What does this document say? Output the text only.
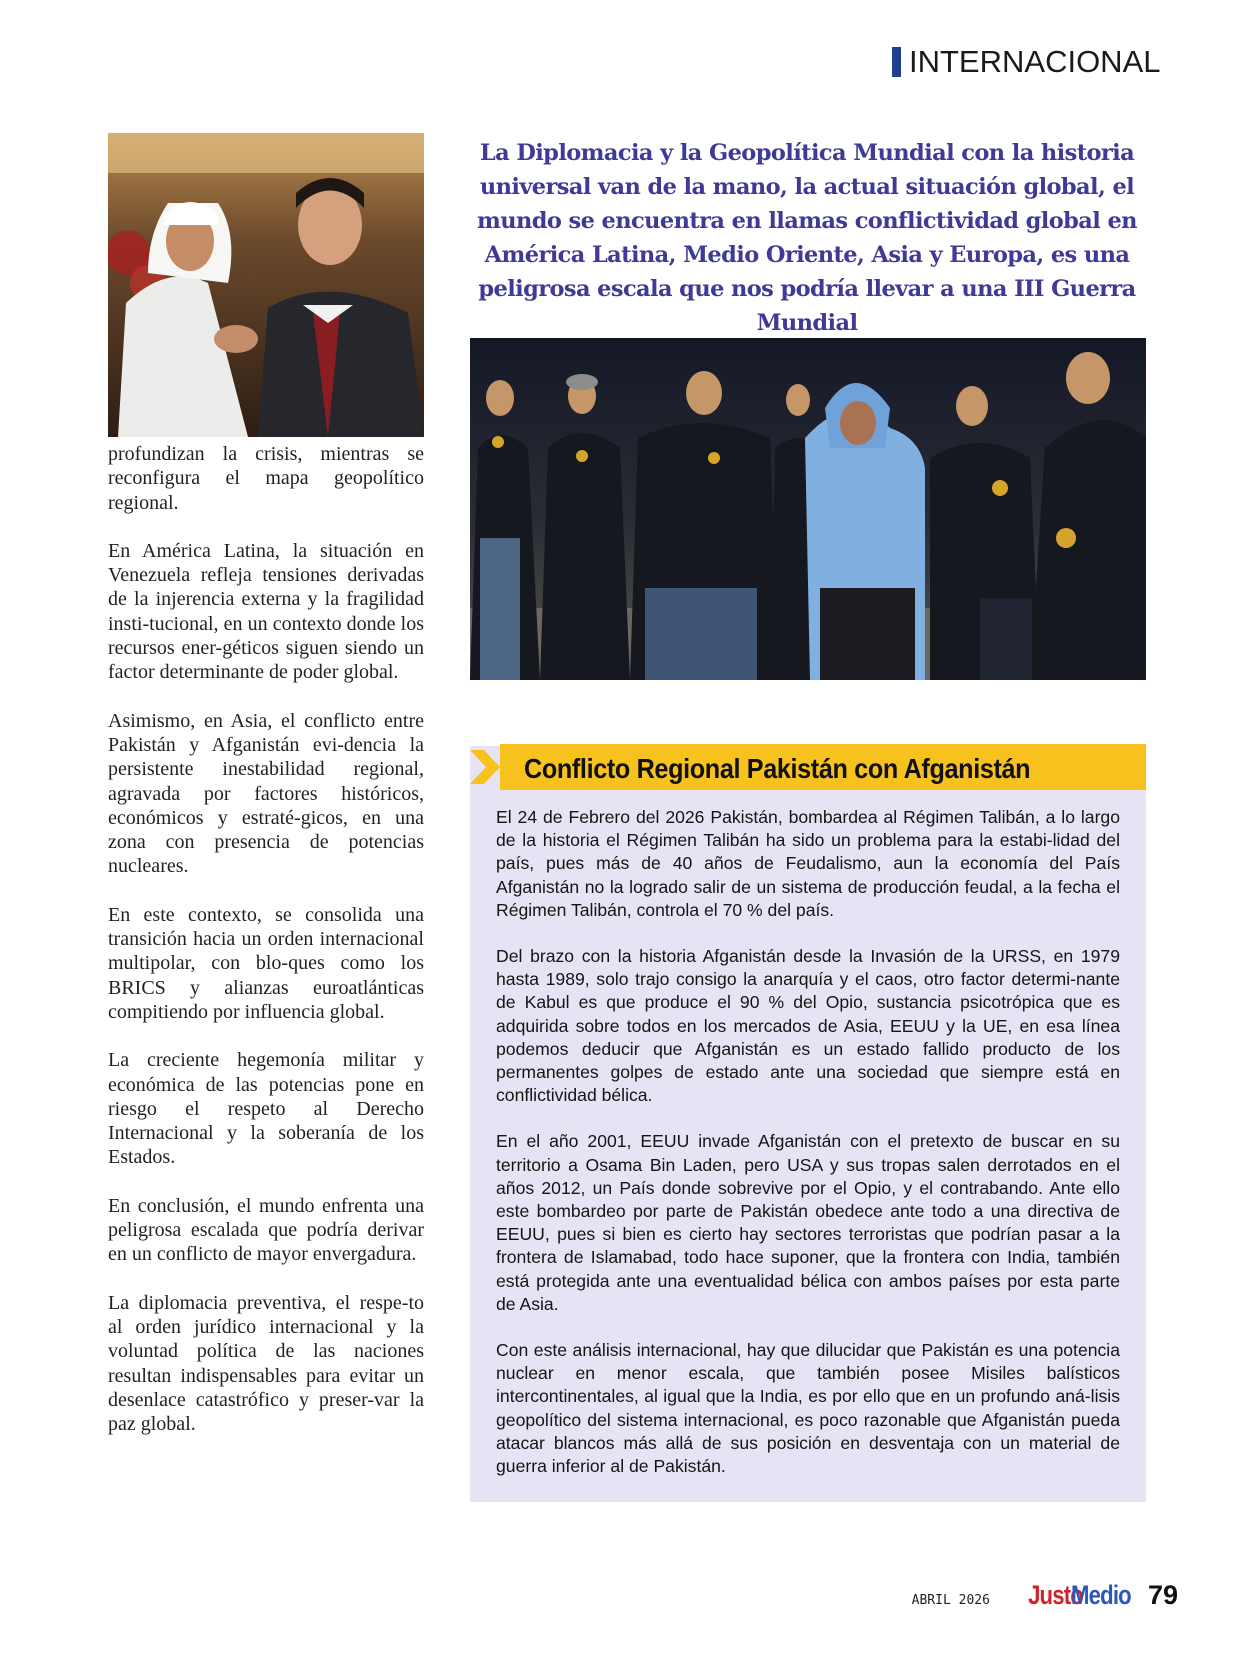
INTERNACIONAL
La Diplomacia y la Geopolítica Mundial con la historia universal van de la mano, la actual situación global, el mundo se encuentra en llamas conflictividad global en América Latina, Medio Oriente, Asia y Europa, es una peligrosa escala que nos podría llevar a una III Guerra Mundial

profundizan la crisis, mientras se reconfigura el mapa geopolítico regional.

En América Latina, la situación en Venezuela refleja tensiones derivadas de la injerencia externa y la fragilidad insti-tucional, en un contexto donde los recursos ener-géticos siguen siendo un factor determinante de poder global.

Asimismo, en Asia, el conflicto entre Pakistán y Afganistán evi-dencia la persistente inestabilidad regional, agravada por factores históricos, económicos y estraté-gicos, en una zona con presencia de potencias nucleares.

En este contexto, se consolida una transición hacia un orden internacional multipolar, con blo-ques como los BRICS y alianzas euroatlánticas compitiendo por influencia global.

La creciente hegemonía militar y económica de las potencias pone en riesgo el respeto al Derecho Internacional y la soberanía de los Estados.

En conclusión, el mundo enfrenta una peligrosa escalada que podría derivar en un conflicto de mayor envergadura.

La diplomacia preventiva, el respe-to al orden jurídico internacional y la voluntad política de las naciones resultan indispensables para evitar un desenlace catastrófico y preser-var la paz global.

Conflicto Regional Pakistán con Afganistán

El 24 de Febrero del 2026 Pakistán, bombardea al Régimen Talibán, a lo largo de la historia el Régimen Talibán ha sido un problema para la estabi-lidad del país, pues más de 40 años de Feudalismo, aun la economía del País Afganistán no la logrado salir de un sistema de producción feudal, a la fecha el Régimen Talibán, controla el 70 % del país.

Del brazo con la historia Afganistán desde la Invasión de la URSS, en 1979 hasta 1989, solo trajo consigo la anarquía y el caos, otro factor determi-nante de Kabul es que produce el 90 % del Opio, sustancia psicotrópica que es adquirida sobre todos en los mercados de Asia, EEUU y la UE, en esa línea podemos deducir que Afganistán es un estado fallido producto de los permanentes golpes de estado ante una sociedad que siempre está en conflictividad bélica.

En el año 2001, EEUU invade Afganistán con el pretexto de buscar en su territorio a Osama Bin Laden, pero USA y sus tropas salen derrotados en el años 2012, un País donde sobrevive por el Opio, y el contrabando. Ante ello este bombardeo por parte de Pakistán obedece ante todo a una directiva de EEUU, pues si bien es cierto hay sectores terroristas que podrían pasar a la frontera de Islamabad, todo hace suponer, que la frontera con India, también está protegida ante una eventualidad bélica con ambos países por esta parte de Asia.

Con este análisis internacional, hay que dilucidar que Pakistán es una potencia nuclear en menor escala, que también posee Misiles balísticos intercontinentales, al igual que la India, es por ello que en un profundo aná-lisis geopolítico del sistema internacional, es poco razonable que Afganistán pueda atacar blancos más allá de sus posición en desventaja con un material de guerra inferior al de Pakistán.

ABRIL 2026 Justo
Medio 79
